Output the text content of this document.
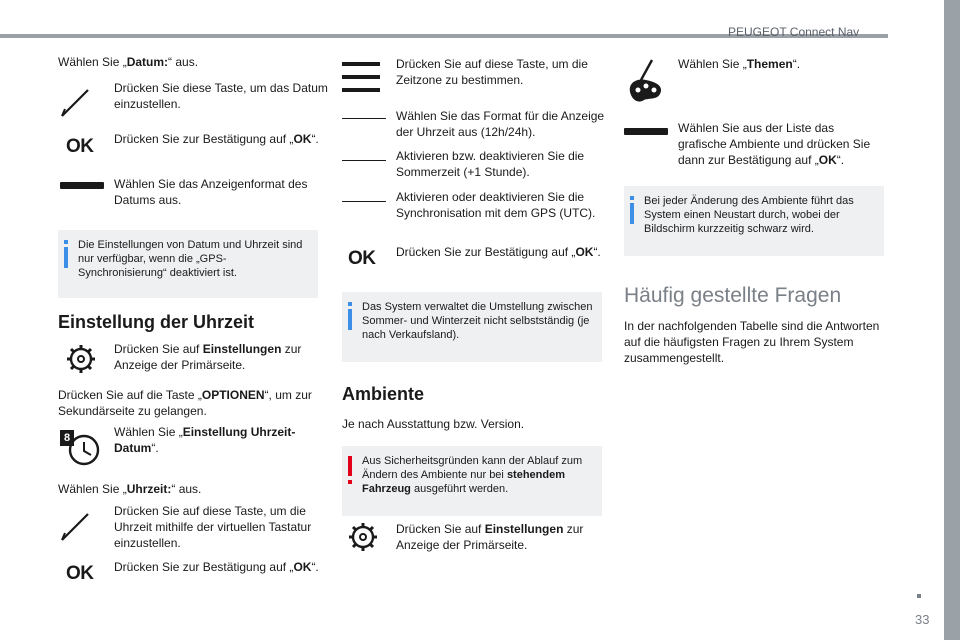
PEUGEOT Connect Nav
Wählen Sie „Datum:“ aus.
Drücken Sie diese Taste, um das Datum einzustellen.
OK Drücken Sie zur Bestätigung auf „OK“.
Wählen Sie das Anzeigenformat des Datums aus.
Die Einstellungen von Datum und Uhrzeit sind nur verfügbar, wenn die „GPS-Synchronisierung“ deaktiviert ist.
Einstellung der Uhrzeit
Drücken Sie auf Einstellungen zur Anzeige der Primärseite.
Drücken Sie auf die Taste „OPTIONEN“, um zur Sekundärseite zu gelangen.
8	Wählen Sie „Einstellung Uhrzeit-Datum“.
Wählen Sie „Uhrzeit:“ aus.
Drücken Sie auf diese Taste, um die Uhrzeit mithilfe der virtuellen Tastatur einzustellen.
OK Drücken Sie zur Bestätigung auf „OK“.
Drücken Sie auf diese Taste, um die Zeitzone zu bestimmen.
Wählen Sie das Format für die Anzeige der Uhrzeit aus (12h/24h).
Aktivieren bzw. deaktivieren Sie die Sommerzeit (+1 Stunde).
Aktivieren oder deaktivieren Sie die Synchronisation mit dem GPS (UTC).
OK Drücken Sie zur Bestätigung auf „OK“.
Das System verwaltet die Umstellung zwischen Sommer- und Winterzeit nicht selbstständig (je nach Verkaufsland).
Ambiente
Je nach Ausstattung bzw. Version.
Aus Sicherheitsgründen kann der Ablauf zum Ändern des Ambiente nur bei stehendem Fahrzeug ausgeführt werden.
Drücken Sie auf Einstellungen zur Anzeige der Primärseite.
Wählen Sie „Themen“.
Wählen Sie aus der Liste das grafische Ambiente und drücken Sie dann zur Bestätigung auf „OK“.
Bei jeder Änderung des Ambiente führt das System einen Neustart durch, wobei der Bildschirm kurzzeitig schwarz wird.
Häufig gestellte Fragen
In der nachfolgenden Tabelle sind die Antworten auf die häufigsten Fragen zu Ihrem System zusammengestellt.
33
